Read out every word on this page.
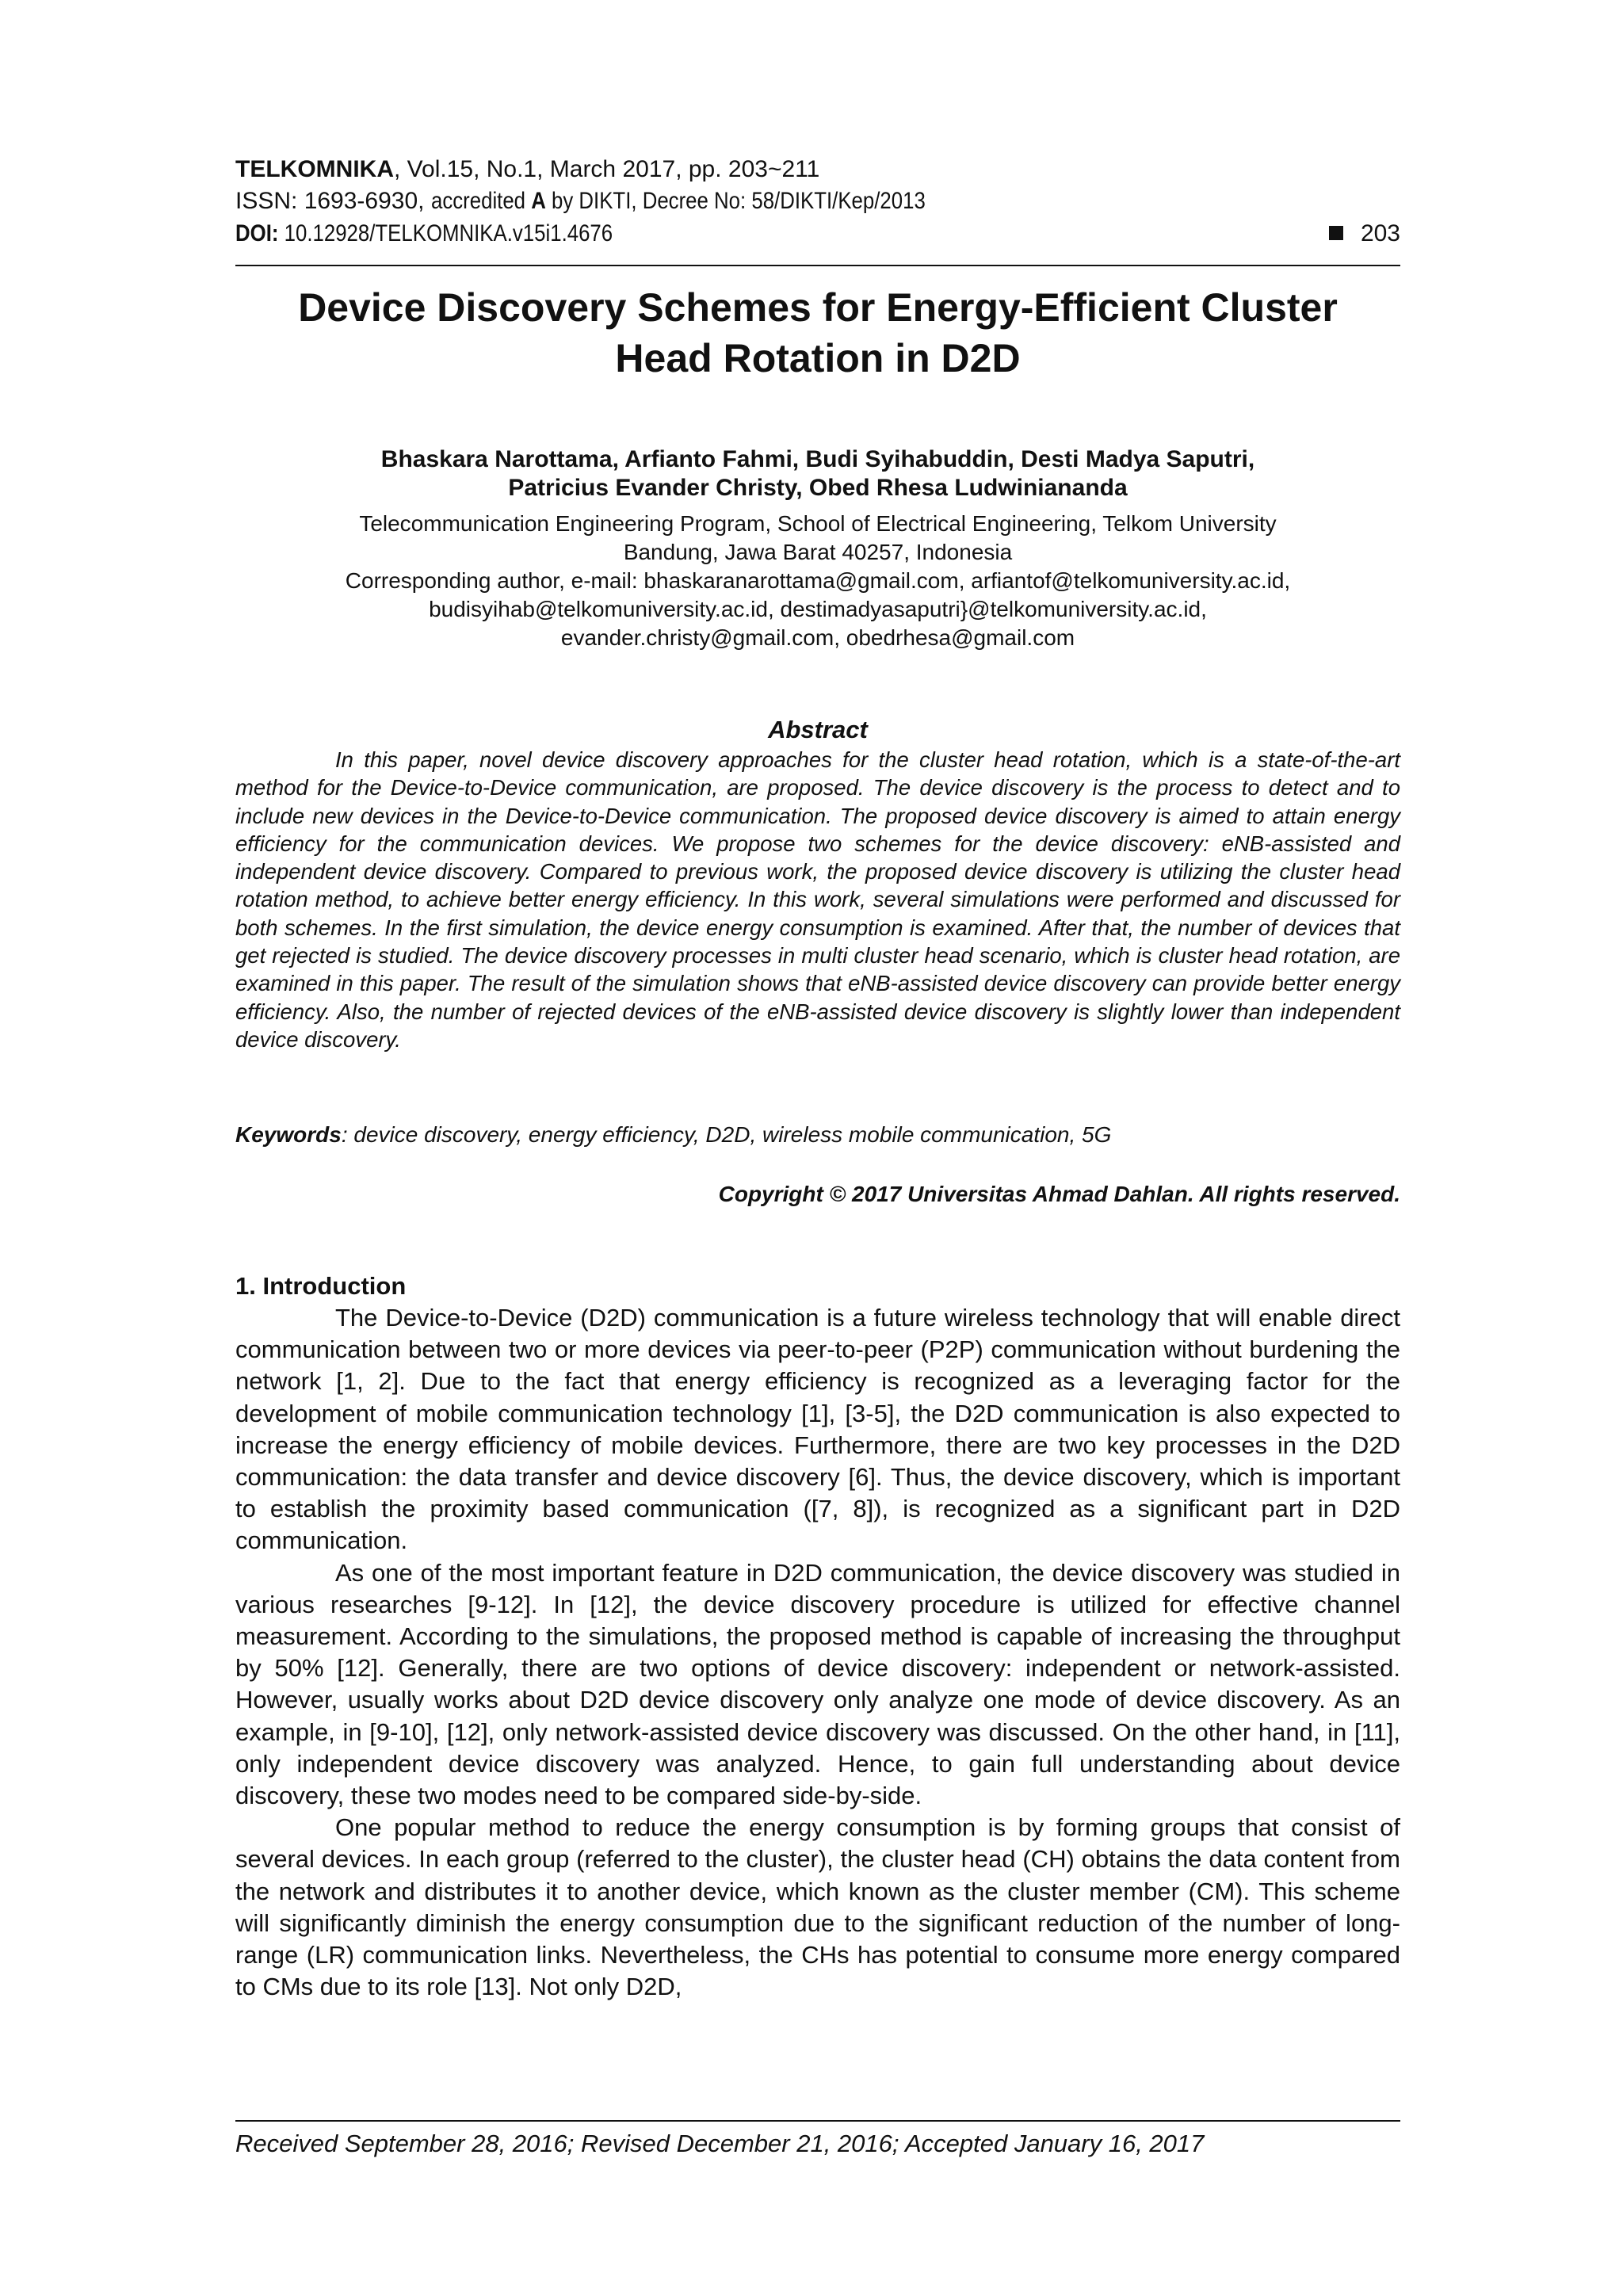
TELKOMNIKA, Vol.15, No.1, March 2017, pp. 203~211
ISSN: 1693-6930, accredited A by DIKTI, Decree No: 58/DIKTI/Kep/2013
DOI: 10.12928/TELKOMNIKA.v15i1.4676	203
Device Discovery Schemes for Energy-Efficient Cluster
Head Rotation in D2D
Bhaskara Narottama, Arfianto Fahmi, Budi Syihabuddin, Desti Madya Saputri,
Patricius Evander Christy, Obed Rhesa Ludwiniananda
Telecommunication Engineering Program, School of Electrical Engineering, Telkom University
Bandung, Jawa Barat 40257, Indonesia
Corresponding author, e-mail: bhaskaranarottama@gmail.com, arfiantof@telkomuniversity.ac.id,
budisyihab@telkomuniversity.ac.id, destimadyasaputri}@telkomuniversity.ac.id,
evander.christy@gmail.com, obedrhesa@gmail.com
Abstract
In this paper, novel device discovery approaches for the cluster head rotation, which is a state-of-the-art method for the Device-to-Device communication, are proposed. The device discovery is the process to detect and to include new devices in the Device-to-Device communication. The proposed device discovery is aimed to attain energy efficiency for the communication devices. We propose two schemes for the device discovery: eNB-assisted and independent device discovery. Compared to previous work, the proposed device discovery is utilizing the cluster head rotation method, to achieve better energy efficiency. In this work, several simulations were performed and discussed for both schemes. In the first simulation, the device energy consumption is examined. After that, the number of devices that get rejected is studied. The device discovery processes in multi cluster head scenario, which is cluster head rotation, are examined in this paper. The result of the simulation shows that eNB-assisted device discovery can provide better energy efficiency. Also, the number of rejected devices of the eNB-assisted device discovery is slightly lower than independent device discovery.
Keywords: device discovery, energy efficiency, D2D, wireless mobile communication, 5G
Copyright © 2017 Universitas Ahmad Dahlan. All rights reserved.
1. Introduction

The Device-to-Device (D2D) communication is a future wireless technology that will enable direct communication between two or more devices via peer-to-peer (P2P) communication without burdening the network [1, 2]. Due to the fact that energy efficiency is recognized as a leveraging factor for the development of mobile communication technology [1], [3-5], the D2D communication is also expected to increase the energy efficiency of mobile devices. Furthermore, there are two key processes in the D2D communication: the data transfer and device discovery [6]. Thus, the device discovery, which is important to establish the proximity based communication ([7, 8]), is recognized as a significant part in D2D communication.

As one of the most important feature in D2D communication, the device discovery was studied in various researches [9-12]. In [12], the device discovery procedure is utilized for effective channel measurement. According to the simulations, the proposed method is capable of increasing the throughput by 50% [12]. Generally, there are two options of device discovery: independent or network-assisted. However, usually works about D2D device discovery only analyze one mode of device discovery. As an example, in [9-10], [12], only network-assisted device discovery was discussed. On the other hand, in [11], only independent device discovery was analyzed. Hence, to gain full understanding about device discovery, these two modes need to be compared side-by-side.

One popular method to reduce the energy consumption is by forming groups that consist of several devices. In each group (referred to the cluster), the cluster head (CH) obtains the data content from the network and distributes it to another device, which known as the cluster member (CM). This scheme will significantly diminish the energy consumption due to the significant reduction of the number of long-range (LR) communication links. Nevertheless, the CHs has potential to consume more energy compared to CMs due to its role [13]. Not only D2D,

Received September 28, 2016; Revised December 21, 2016; Accepted January 16, 2017
